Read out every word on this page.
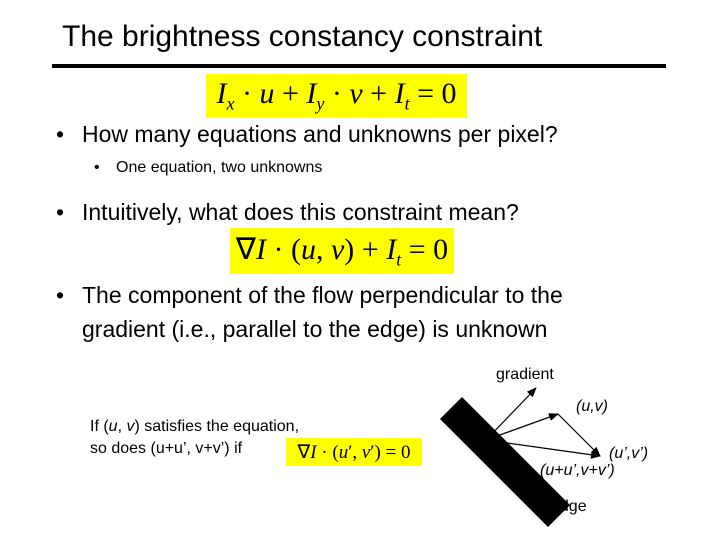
The brightness constancy constraint
$I_x \cdot u + I_y \cdot v + I_t = 0$
• How many equations and unknowns per pixel?
• One equation, two unknowns
• Intuitively, what does this constraint mean?
∇I · (u, $v) + I_t = 0$
• The component of the flow perpendicular to the
gradient (i.e., parallel to the edge) is unknown
If (u, v) satisfies the equation,
so does (u+u’, v+v’) if	∇I · (u′, v′) = 0
gradient
(u,v)
(u’,v’)
(u+u’,v+v’)
edge
